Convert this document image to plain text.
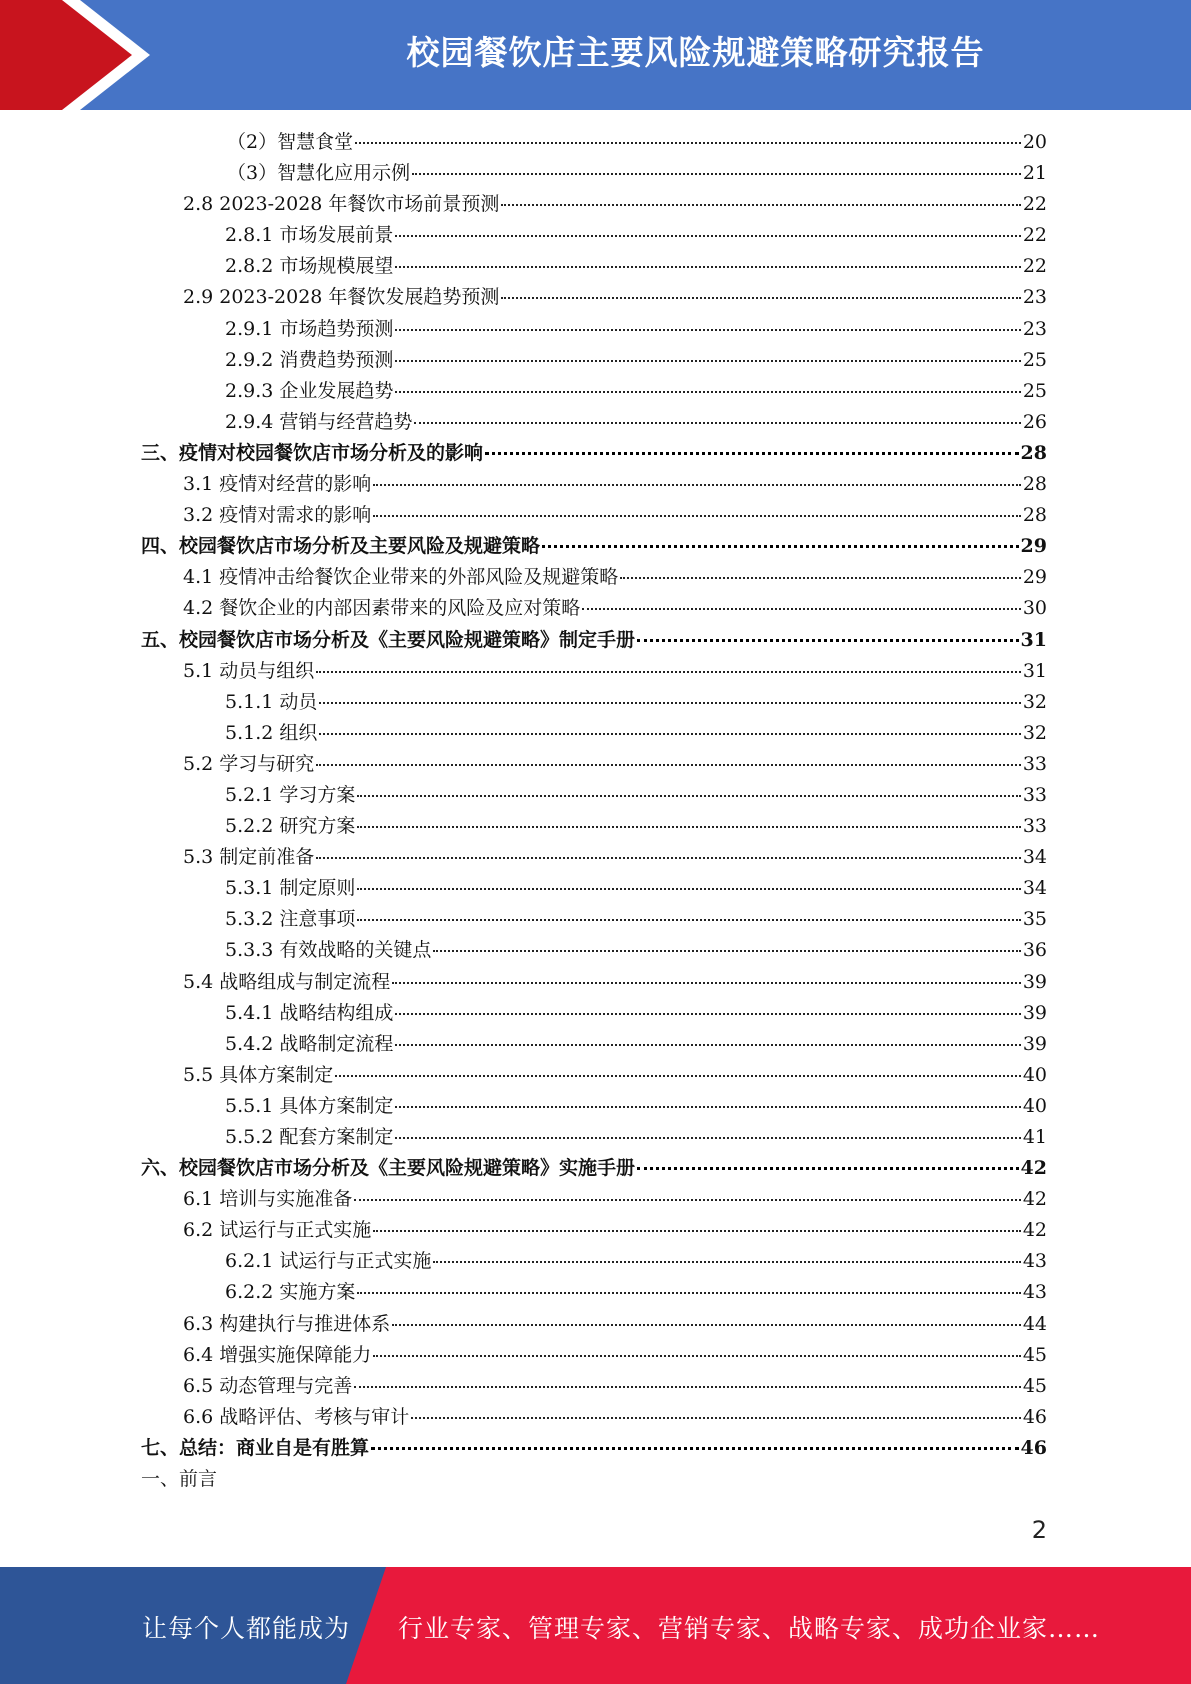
校园餐饮店主要风险规避策略研究报告
（2）智慧食堂	20
（3）智慧化应用示例	21
2.8 2023-2028 年餐饮市场前景预测	22
2.8.1 市场发展前景	22
2.8.2 市场规模展望	22
2.9 2023-2028 年餐饮发展趋势预测	23
2.9.1 市场趋势预测	23
2.9.2 消费趋势预测	25
2.9.3 企业发展趋势	25
2.9.4 营销与经营趋势	26
三、疫情对校园餐饮店市场分析及的影响	28
3.1 疫情对经营的影响	28
3.2 疫情对需求的影响	28
四、校园餐饮店市场分析及主要风险及规避策略	29
4.1 疫情冲击给餐饮企业带来的外部风险及规避策略	29
4.2 餐饮企业的内部因素带来的风险及应对策略	30
五、校园餐饮店市场分析及《主要风险规避策略》制定手册	31
5.1 动员与组织	31
5.1.1 动员	32
5.1.2 组织	32
5.2 学习与研究	33
5.2.1 学习方案	33
5.2.2 研究方案	33
5.3 制定前准备	34
5.3.1 制定原则	34
5.3.2 注意事项	35
5.3.3 有效战略的关键点	36
5.4 战略组成与制定流程	39
5.4.1 战略结构组成	39
5.4.2 战略制定流程	39
5.5 具体方案制定	40
5.5.1 具体方案制定	40
5.5.2 配套方案制定	41
六、校园餐饮店市场分析及《主要风险规避策略》实施手册	42
6.1 培训与实施准备	42
6.2 试运行与正式实施	42
6.2.1 试运行与正式实施	43
6.2.2 实施方案	43
6.3 构建执行与推进体系	44
6.4 增强实施保障能力	45
6.5 动态管理与完善	45
6.6 战略评估、考核与审计	46
七、总结：商业自是有胜算	46
一、前言
2
让每个人都能成为 行业专家、管理专家、营销专家、战略专家、成功企业家……
